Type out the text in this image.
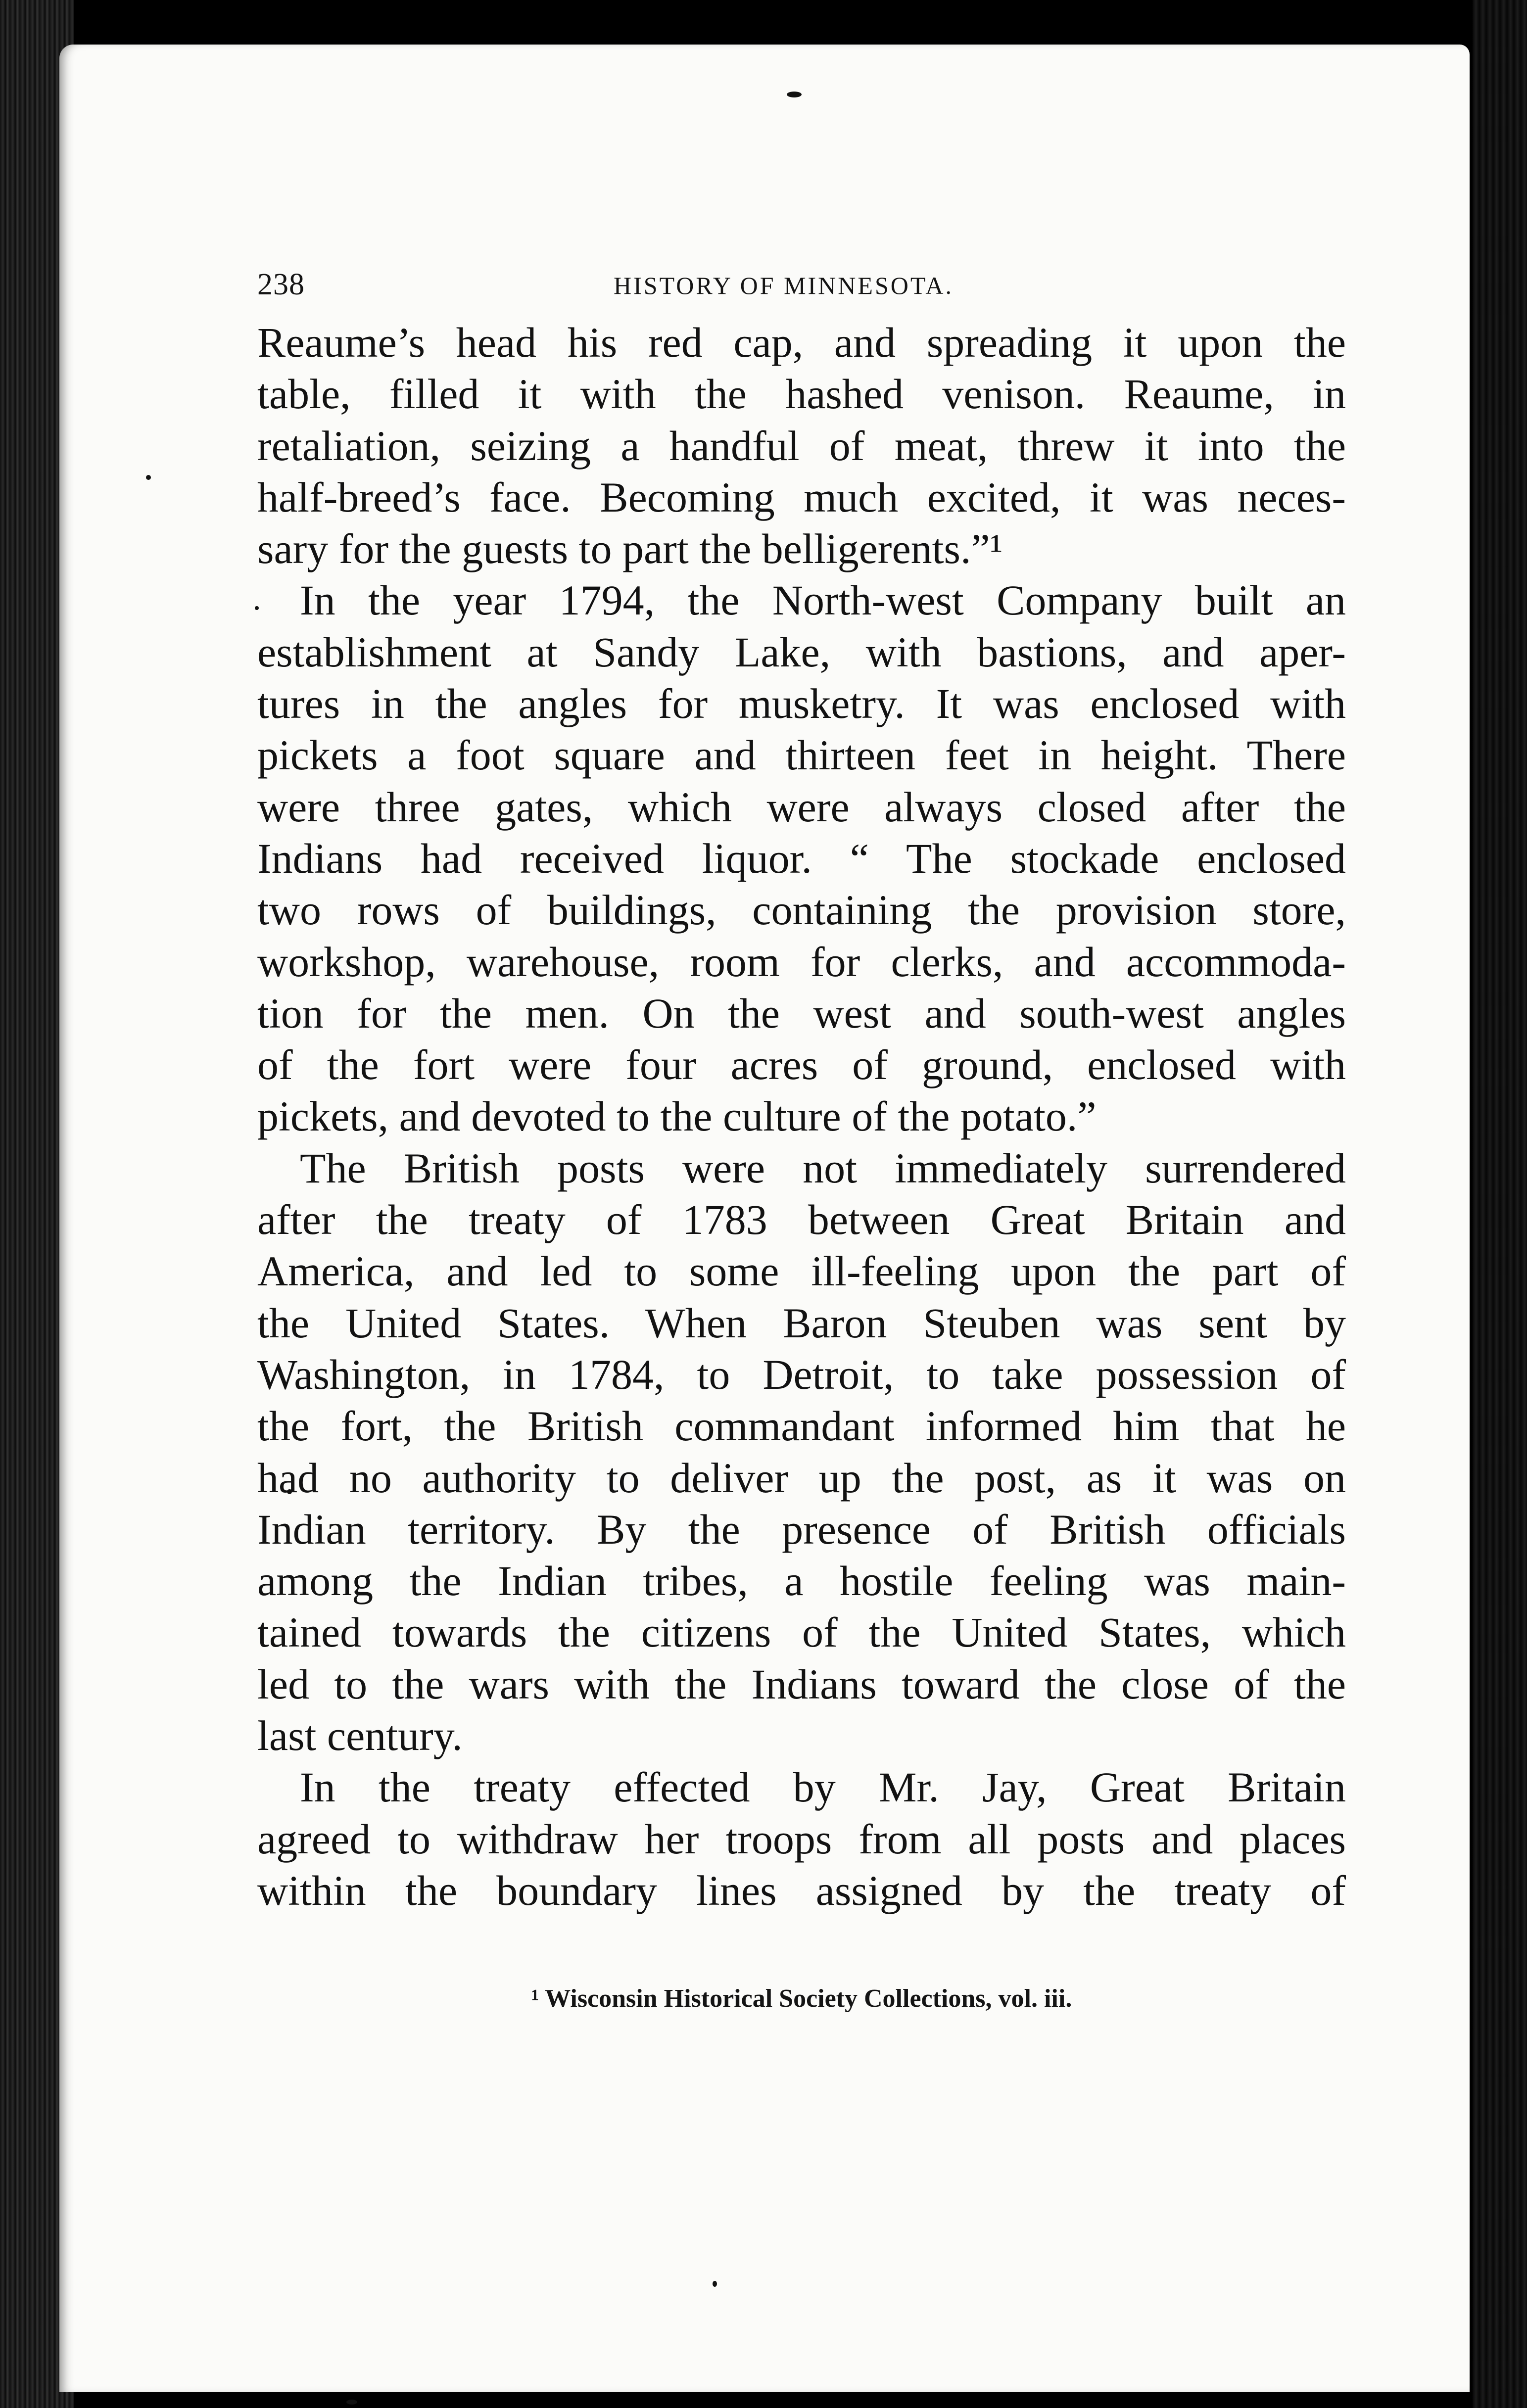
238	HISTORY OF MINNESOTA.
Reaume’s head his red cap, and spreading it upon the
table, filled it with the hashed venison. Reaume, in
retaliation, seizing a handful of meat, threw it into the
half-breed’s face. Becoming much excited, it was neces-
sary for the guests to part the belligerents.”¹
In the year 1794, the North-west Company built an
establishment at Sandy Lake, with bastions, and aper-
tures in the angles for musketry. It was enclosed with
pickets a foot square and thirteen feet in height. There
were three gates, which were always closed after the
Indians had received liquor. “ The stockade enclosed
two rows of buildings, containing the provision store,
workshop, warehouse, room for clerks, and accommoda-
tion for the men. On the west and south-west angles
of the fort were four acres of ground, enclosed with
pickets, and devoted to the culture of the potato.”
The British posts were not immediately surrendered
after the treaty of 1783 between Great Britain and
America, and led to some ill-feeling upon the part of
the United States. When Baron Steuben was sent by
Washington, in 1784, to Detroit, to take possession of
the fort, the British commandant informed him that he
had no authority to deliver up the post, as it was on
Indian territory. By the presence of British officials
among the Indian tribes, a hostile feeling was main-
tained towards the citizens of the United States, which
led to the wars with the Indians toward the close of the
last century.
In the treaty effected by Mr. Jay, Great Britain
agreed to withdraw her troops from all posts and places
within the boundary lines assigned by the treaty of
¹ Wisconsin Historical Society Collections, vol. iii.
